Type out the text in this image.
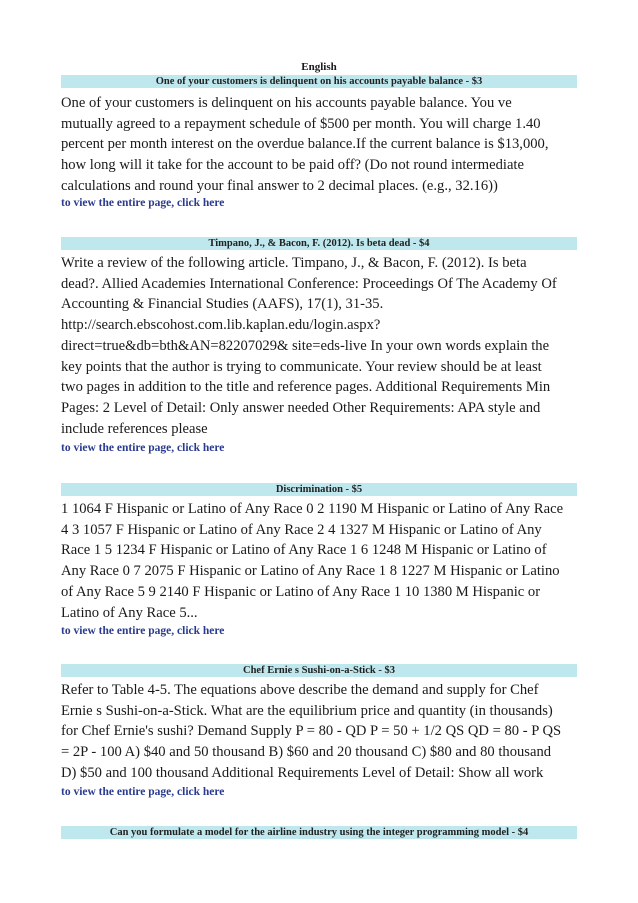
English
One of your customers is delinquent on his accounts payable balance - $3
One of your customers is delinquent on his accounts payable balance. You ve
mutually agreed to a repayment schedule of $500 per month. You will charge 1.40
percent per month interest on the overdue balance.If the current balance is $13,000,
how long will it take for the account to be paid off? (Do not round intermediate
calculations and round your final answer to 2 decimal places. (e.g., 32.16))
to view the entire page, click here
Timpano, J., & Bacon, F. (2012). Is beta dead - $4
Write a review of the following article. Timpano, J., & Bacon, F. (2012). Is beta
dead?. Allied Academies International Conference: Proceedings Of The Academy Of
Accounting & Financial Studies (AAFS), 17(1), 31-35.
http://search.ebscohost.com.lib.kaplan.edu/login.aspx?
direct=true&db=bth&AN=82207029& site=eds-live In your own words explain the
key points that the author is trying to communicate. Your review should be at least
two pages in addition to the title and reference pages. Additional Requirements Min
Pages: 2 Level of Detail: Only answer needed Other Requirements: APA style and
include references please
to view the entire page, click here
Discrimination - $5
1 1064 F Hispanic or Latino of Any Race 0 2 1190 M Hispanic or Latino of Any Race
4 3 1057 F Hispanic or Latino of Any Race 2 4 1327 M Hispanic or Latino of Any
Race 1 5 1234 F Hispanic or Latino of Any Race 1 6 1248 M Hispanic or Latino of
Any Race 0 7 2075 F Hispanic or Latino of Any Race 1 8 1227 M Hispanic or Latino
of Any Race 5 9 2140 F Hispanic or Latino of Any Race 1 10 1380 M Hispanic or
Latino of Any Race 5...
to view the entire page, click here
Chef Ernie s Sushi-on-a-Stick - $3
Refer to Table 4-5. The equations above describe the demand and supply for Chef
Ernie s Sushi-on-a-Stick. What are the equilibrium price and quantity (in thousands)
for Chef Ernie's sushi? Demand Supply P = 80 - QD P = 50 + 1/2 QS QD = 80 - P QS
= 2P - 100 A) $40 and 50 thousand B) $60 and 20 thousand C) $80 and 80 thousand
D) $50 and 100 thousand Additional Requirements Level of Detail: Show all work
to view the entire page, click here
Can you formulate a model for the airline industry using the integer programming model - $4
